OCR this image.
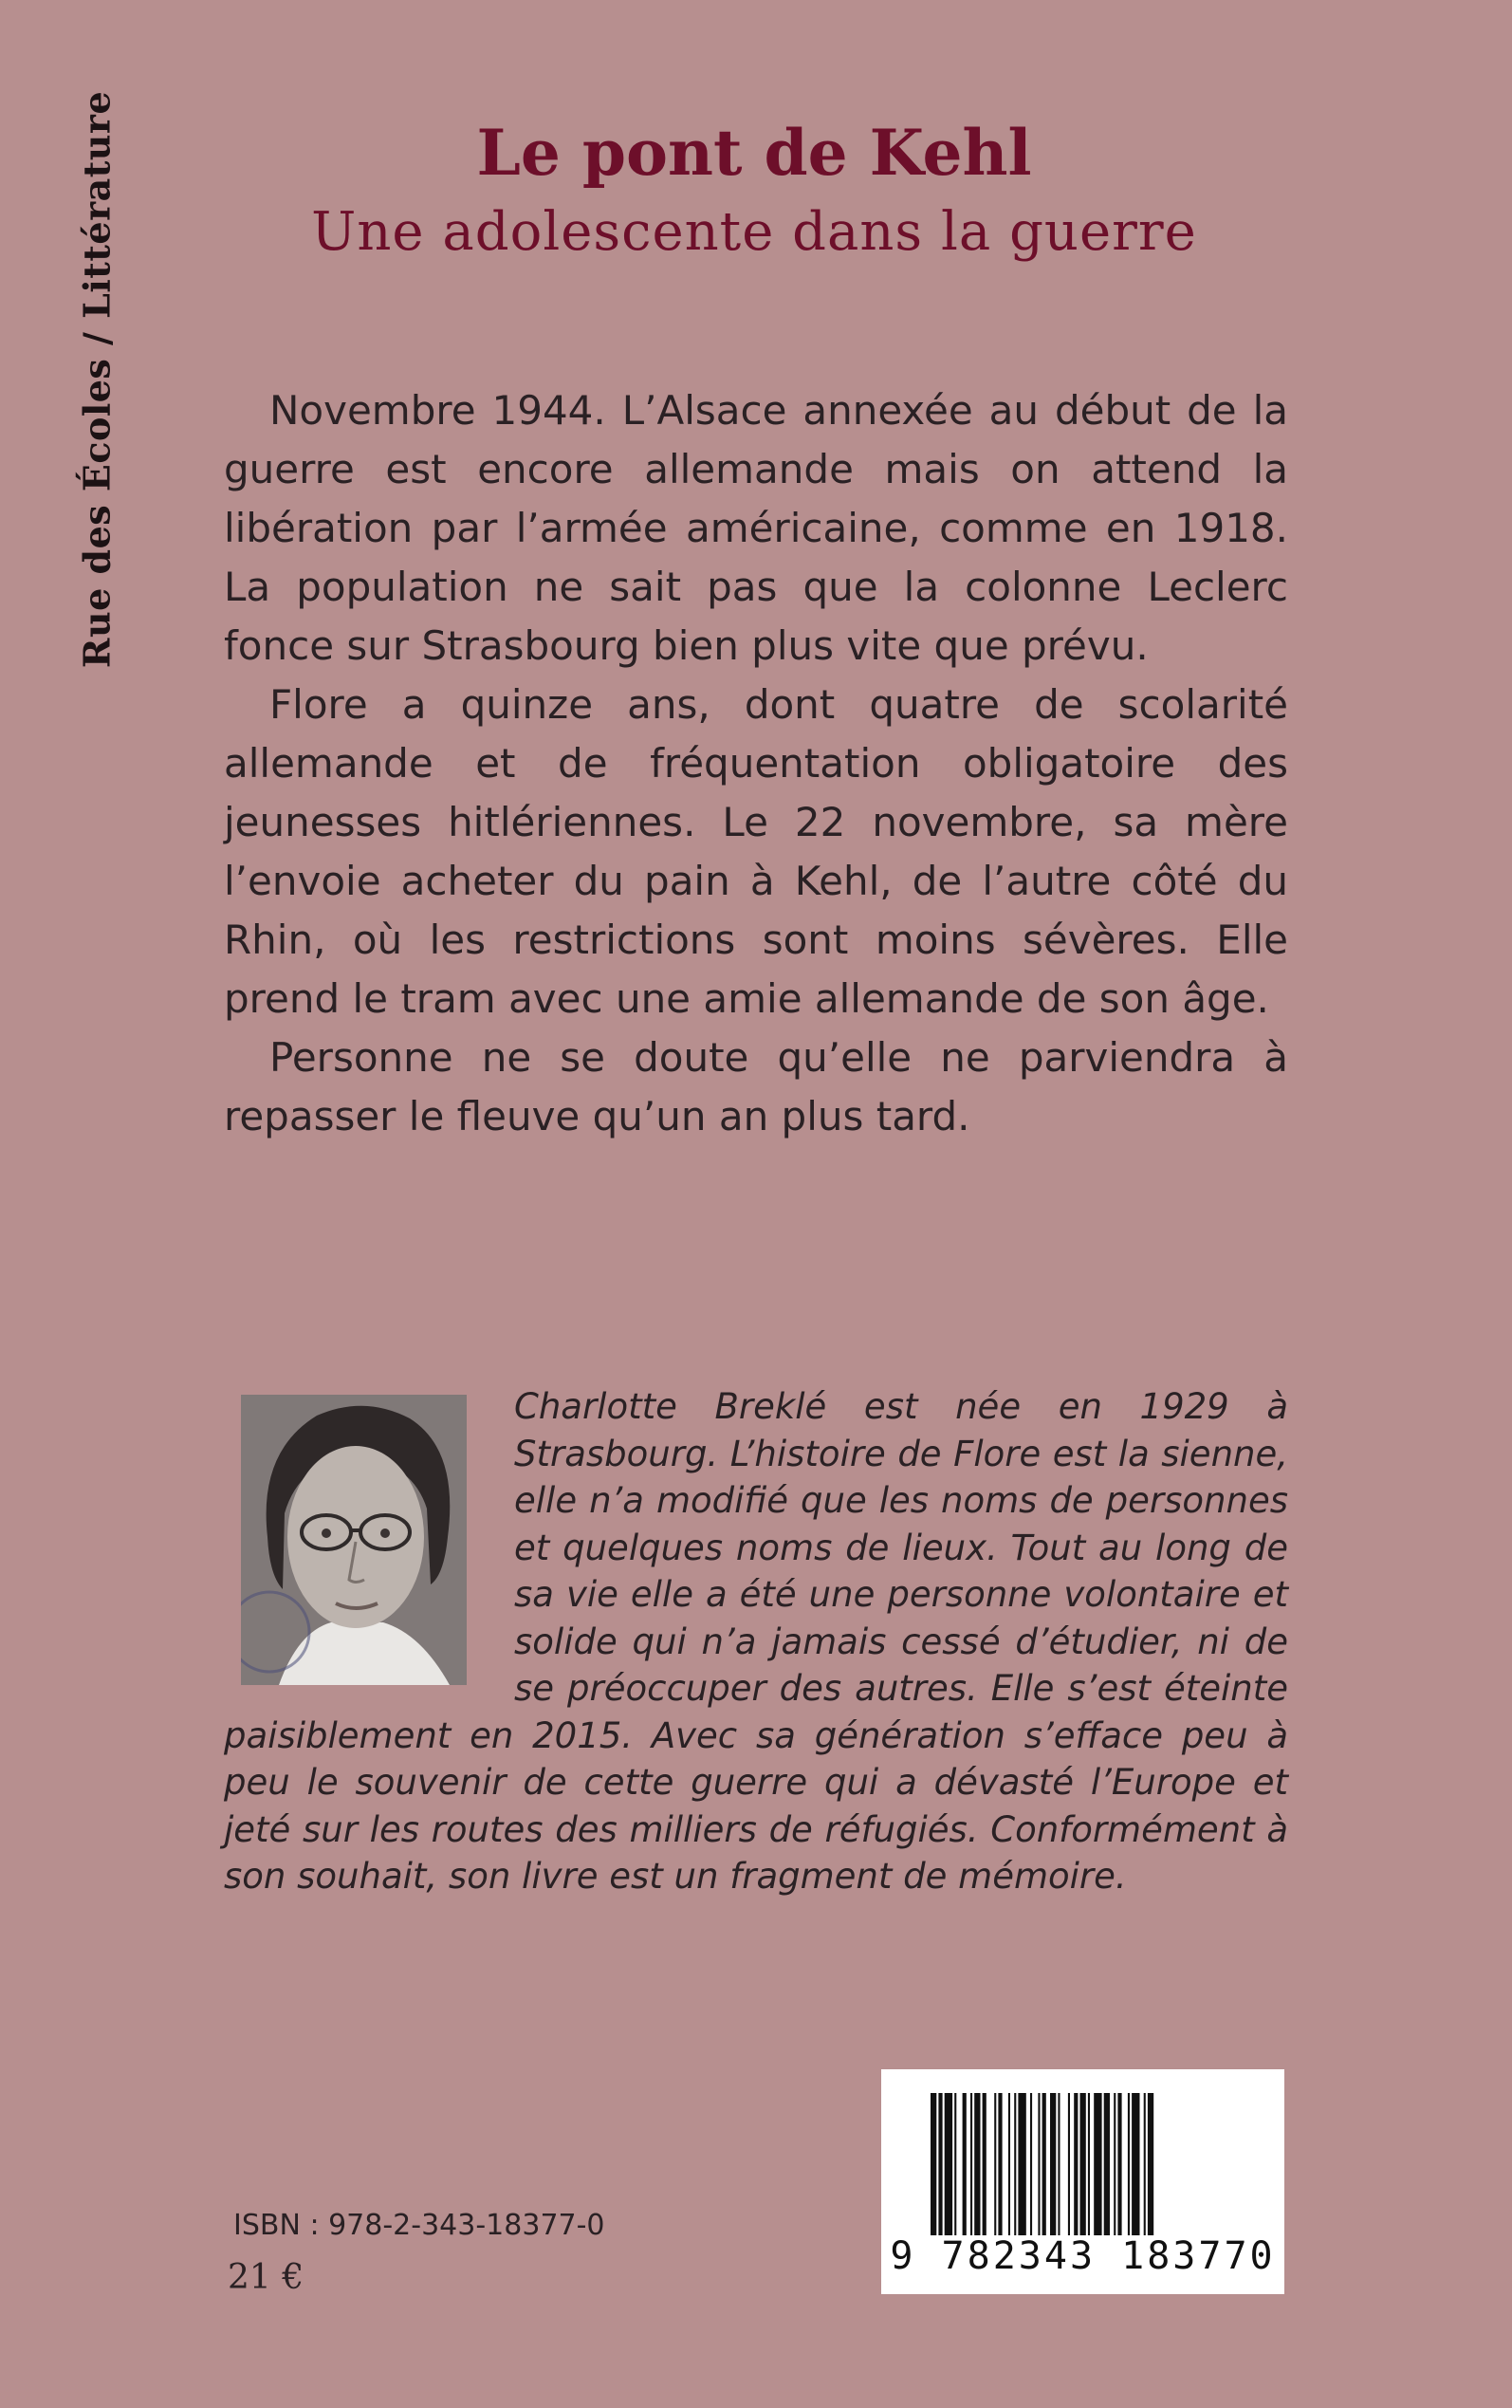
Rue des Écoles / Littérature	Le pont de Kehl
Une adolescente dans la guerre

Novembre 1944. L’Alsace annexée au début de la guerre est encore allemande mais on attend la libération par l’armée américaine, comme en 1918. La population ne sait pas que la colonne Leclerc fonce sur Strasbourg bien plus vite que prévu.

Flore a quinze ans, dont quatre de scolarité allemande et de fréquentation obligatoire des jeunesses hitlériennes. Le 22 novembre, sa mère l’envoie acheter du pain à Kehl, de l’autre côté du Rhin, où les restrictions sont moins sévères. Elle prend le tram avec une amie allemande de son âge.

Personne ne se doute qu’elle ne parviendra à repasser le fleuve qu’un an plus tard.

Charlotte Breklé est née en 1929 à Strasbourg. L’histoire de Flore est la sienne, elle n’a modifié que les noms de personnes et quelques noms de lieux. Tout au long de sa vie elle a été une personne volontaire et solide qui n’a jamais cessé d’étudier, ni de se préoccuper des autres. Elle s’est éteinte paisiblement en 2015. Avec sa génération s’efface peu à peu le souvenir de cette guerre qui a dévasté l’Europe et jeté sur les routes des milliers de réfugiés. Conformément à son souhait, son livre est un fragment de mémoire.
9 782343 183770
ISBN : 978-2-343-18377-0
21 €
